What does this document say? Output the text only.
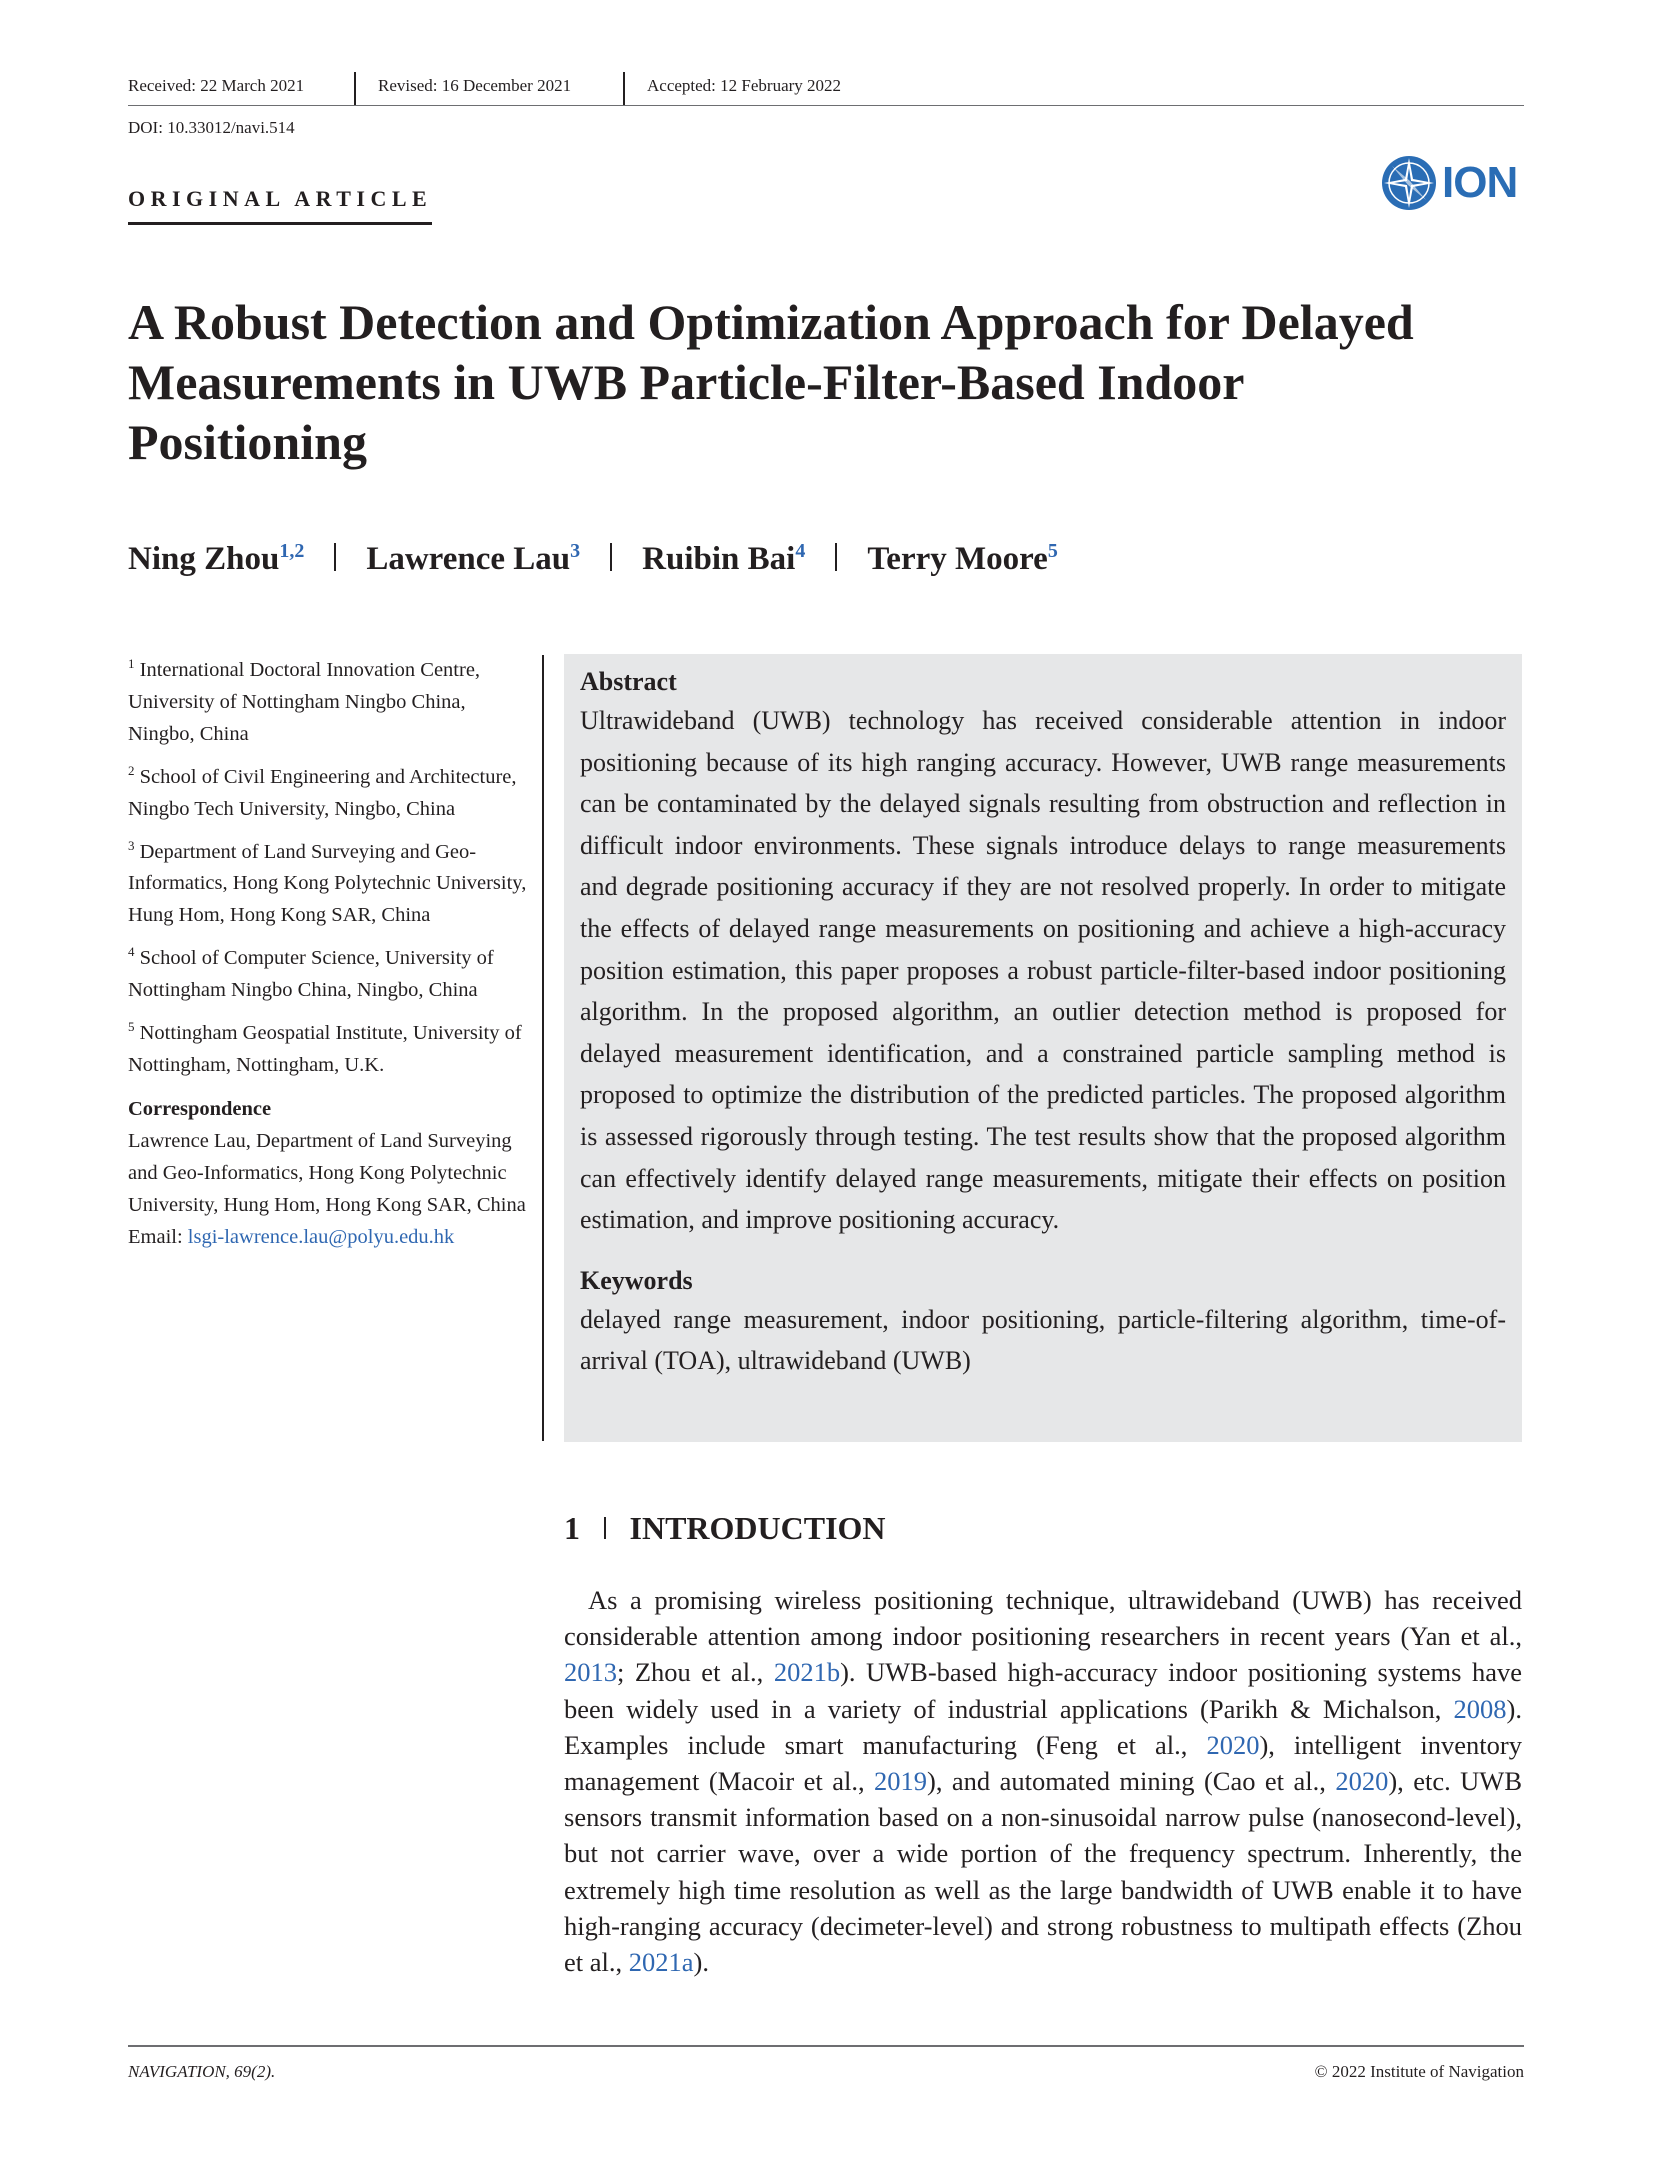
Received: 22 March 2021	Revised: 16 December 2021	Accepted: 12 February 2022
DOI: 10.33012/navi.514
ORIGINAL ARTICLE	ION
A Robust Detection and Optimization Approach for Delayed Measurements in UWB Particle-Filter-Based Indoor Positioning
Ning Zhou$^{1,2}$ Lawrence Lau$^3$ Ruibin Bai$^4$ Terry Moore$^5$
$^1$ International Doctoral Innovation Centre, University of Nottingham Ningbo China, Ningbo, China
$^2$ School of Civil Engineering and Architecture, Ningbo Tech University, Ningbo, China
$^3$ Department of Land Surveying and Geo-Informatics, Hong Kong Polytechnic University, Hung Hom, Hong Kong SAR, China
$^4$ School of Computer Science, University of Nottingham Ningbo China, Ningbo, China
$^5$ Nottingham Geospatial Institute, University of Nottingham, Nottingham, U.K.
Correspondence
Lawrence Lau, Department of Land Surveying and Geo-Informatics, Hong Kong Polytechnic University, Hung Hom, Hong Kong SAR, China
Email: lsgi-lawrence.lau@polyu.edu.hk
Abstract
Ultrawideband (UWB) technology has received considerable attention in indoor positioning because of its high ranging accuracy. However, UWB range measurements can be contaminated by the delayed signals resulting from obstruction and reflection in difficult indoor environments. These signals introduce delays to range measurements and degrade positioning accuracy if they are not resolved properly. In order to mitigate the effects of delayed range measurements on positioning and achieve a high-accuracy position estimation, this paper proposes a robust particle-filter-based indoor positioning algorithm. In the proposed algorithm, an outlier detection method is proposed for delayed measurement identification, and a constrained particle sampling method is proposed to optimize the distribution of the predicted particles. The proposed algorithm is assessed rigorously through testing. The test results show that the proposed algorithm can effectively identify delayed range measurements, mitigate their effects on position estimation, and improve positioning accuracy.
Keywords
delayed range measurement, indoor positioning, particle-filtering algorithm, time-of-arrival (TOA), ultrawideband (UWB)
1 INTRODUCTION

As a promising wireless positioning technique, ultrawideband (UWB) has received considerable attention among indoor positioning researchers in recent years (Yan et al., 2013; Zhou et al., 2021b). UWB-based high-accuracy indoor positioning systems have been widely used in a variety of industrial applications (Parikh & Michalson, 2008). Examples include smart manufacturing (Feng et al., 2020), intelligent inventory management (Macoir et al., 2019), and automated mining (Cao et al., 2020), etc. UWB sensors transmit information based on a non-sinusoidal narrow pulse (nanosecond-level), but not carrier wave, over a wide portion of the frequency spectrum. Inherently, the extremely high time resolution as well as the large bandwidth of UWB enable it to have high-ranging accuracy (decimeter-level) and strong robustness to multipath effects (Zhou et al., 2021a).

NAVIGATION, 69(2).	© 2022 Institute of Navigation
